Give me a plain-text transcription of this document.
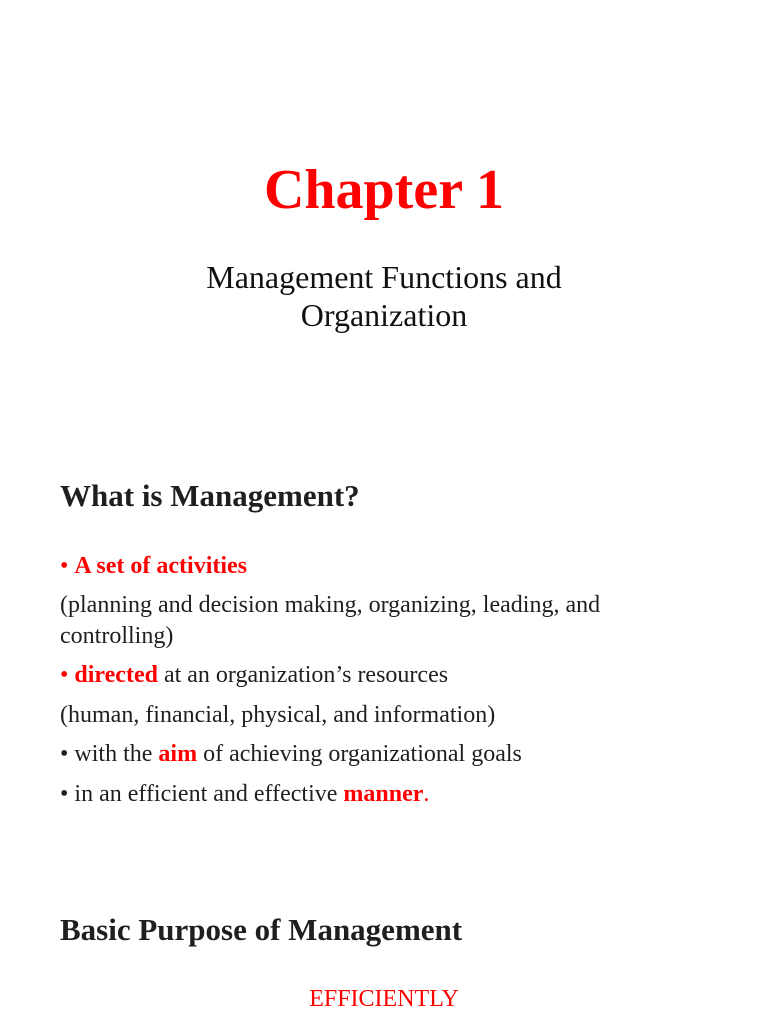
Chapter 1
Management Functions and
Organization
What is Management?
• A set of activities
(planning and decision making, organizing, leading, and
controlling)
• directed at an organization’s resources
(human, financial, physical, and information)
• with the aim of achieving organizational goals
• in an efficient and effective manner.
Basic Purpose of Management
EFFICIENTLY
